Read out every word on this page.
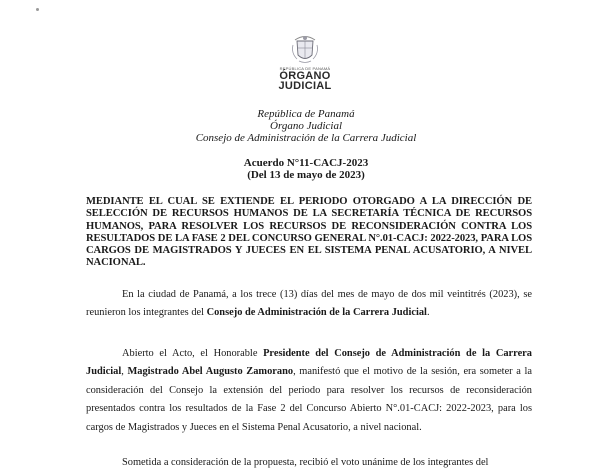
REPÚBLICA DE PANAMÁ
ÓRGANO
JUDICIAL
República de Panamá
Órgano Judicial
Consejo de Administración de la Carrera Judicial
Acuerdo N°11-CACJ-2023
(Del 13 de mayo de 2023)
MEDIANTE EL CUAL SE EXTIENDE EL PERIODO OTORGADO A LA DIRECCIÓN DE SELECCIÓN DE RECURSOS HUMANOS DE LA SECRETARÍA TÉCNICA DE RECURSOS HUMANOS, PARA RESOLVER LOS RECURSOS DE RECONSIDERACIÓN CONTRA LOS RESULTADOS DE LA FASE 2 DEL CONCURSO GENERAL N°.01-CACJ: 2022-2023, PARA LOS CARGOS DE MAGISTRADOS Y JUECES EN EL SISTEMA PENAL ACUSATORIO, A NIVEL NACIONAL.
En la ciudad de Panamá, a los trece (13) días del mes de mayo de dos mil veintitrés (2023), se reunieron los integrantes del Consejo de Administración de la Carrera Judicial.
Abierto el Acto, el Honorable Presidente del Consejo de Administración de la Carrera Judicial, Magistrado Abel Augusto Zamorano, manifestó que el motivo de la sesión, era someter a la consideración del Consejo la extensión del periodo para resolver los recursos de reconsideración presentados contra los resultados de la Fase 2 del Concurso Abierto N°.01-CACJ: 2022-2023, para los cargos de Magistrados y Jueces en el Sistema Penal Acusatorio, a nivel nacional.
Sometida a consideración de la propuesta, recibió el voto unánime de los integrantes del
